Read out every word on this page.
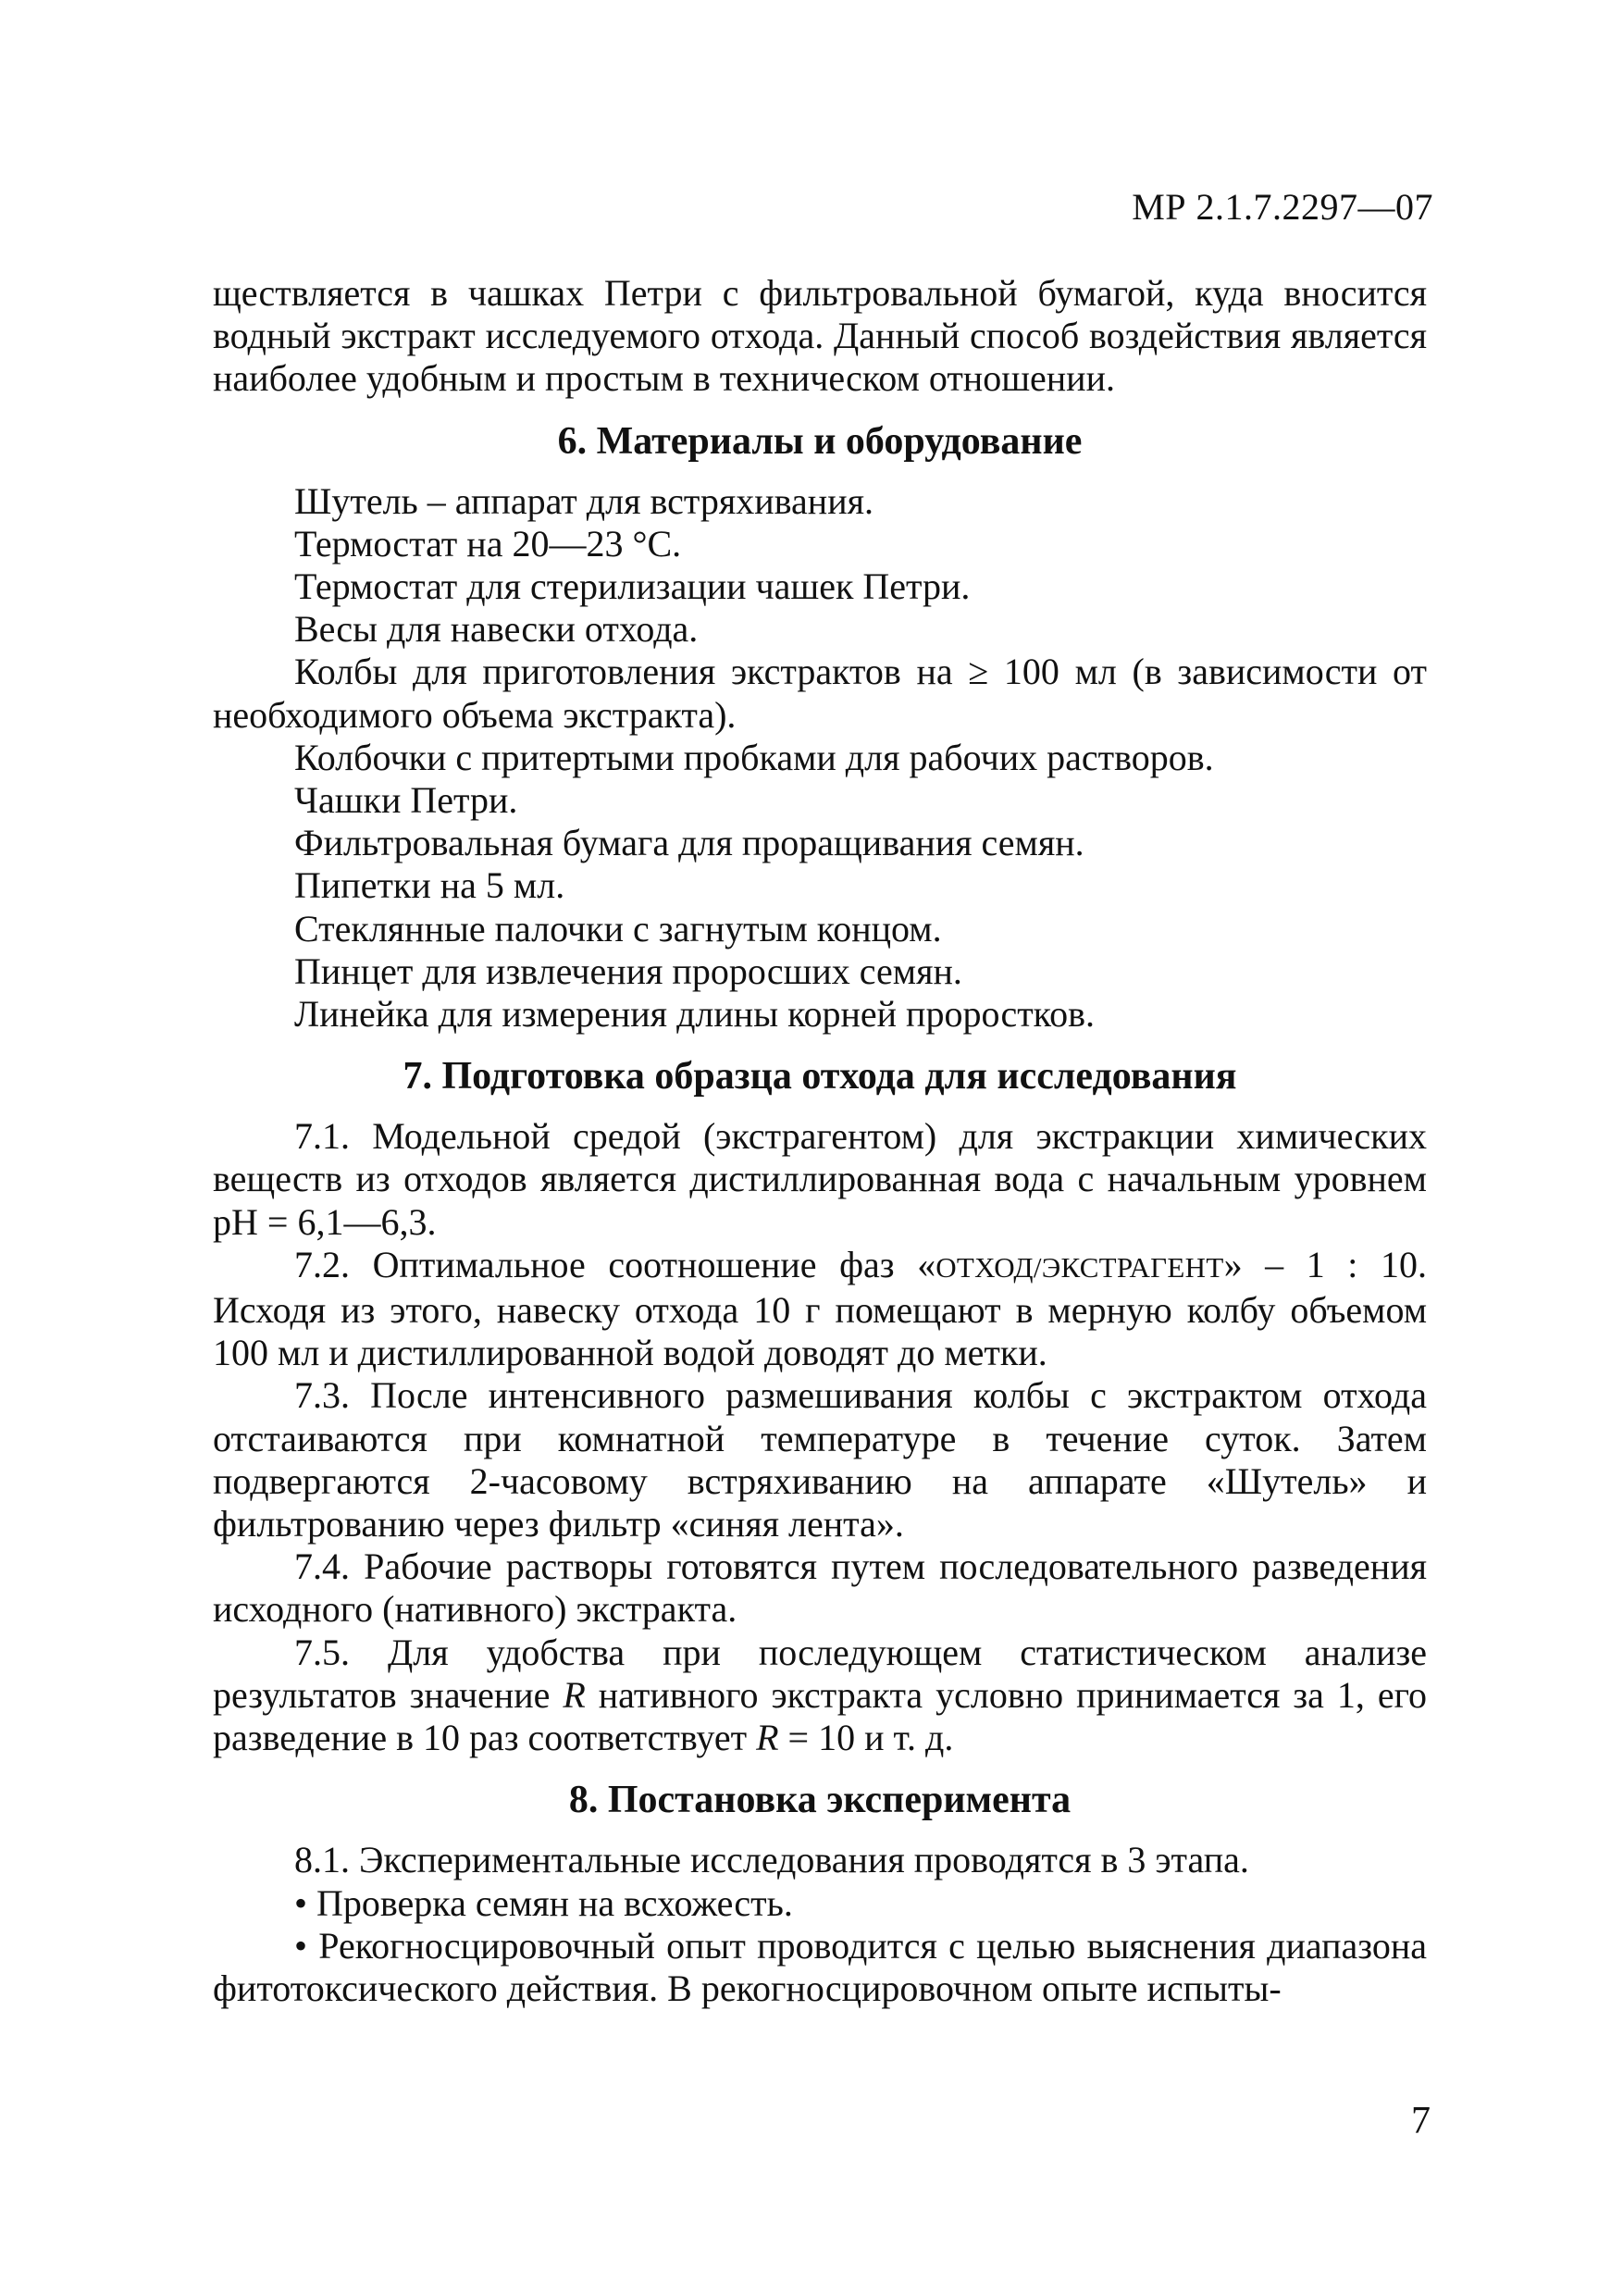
МР 2.1.7.2297—07

ществляется в чашках Петри с фильтровальной бумагой, куда вносится водный экстракт исследуемого отхода. Данный способ воздействия является наиболее удобным и простым в техническом отношении.

6. Материалы и оборудование

Шутель – аппарат для встряхивания.

Термостат на 20—23 °С.

Термостат для стерилизации чашек Петри.

Весы для навески отхода.

Колбы для приготовления экстрактов на ≥ 100 мл (в зависимости от необходимого объема экстракта).

Колбочки с притертыми пробками для рабочих растворов.

Чашки Петри.

Фильтровальная бумага для проращивания семян.

Пипетки на 5 мл.

Стеклянные палочки с загнутым концом.

Пинцет для извлечения проросших семян.

Линейка для измерения длины корней проростков.

7. Подготовка образца отхода для исследования

7.1. Модельной средой (экстрагентом) для экстракции химических веществ из отходов является дистиллированная вода с начальным уровнем рН = 6,1—6,3.

7.2. Оптимальное соотношение фаз «ОТХОД/ЭКСТРАГЕНТ» – 1 : 10. Исходя из этого, навеску отхода 10 г помещают в мерную колбу объемом 100 мл и дистиллированной водой доводят до метки.

7.3. После интенсивного размешивания колбы с экстрактом отхода отстаиваются при комнатной температуре в течение суток. Затем подвергаются 2-часовому встряхиванию на аппарате «Шутель» и фильтрованию через фильтр «синяя лента».

7.4. Рабочие растворы готовятся путем последовательного разведения исходного (нативного) экстракта.

7.5. Для удобства при последующем статистическом анализе результатов значение R нативного экстракта условно принимается за 1, его разведение в 10 раз соответствует R = 10 и т. д.

8. Постановка эксперимента

8.1. Экспериментальные исследования проводятся в 3 этапа.

• Проверка семян на всхожесть.

• Рекогносцировочный опыт проводится с целью выяснения диапазона фитотоксического действия. В рекогносцировочном опыте испыты-

7
